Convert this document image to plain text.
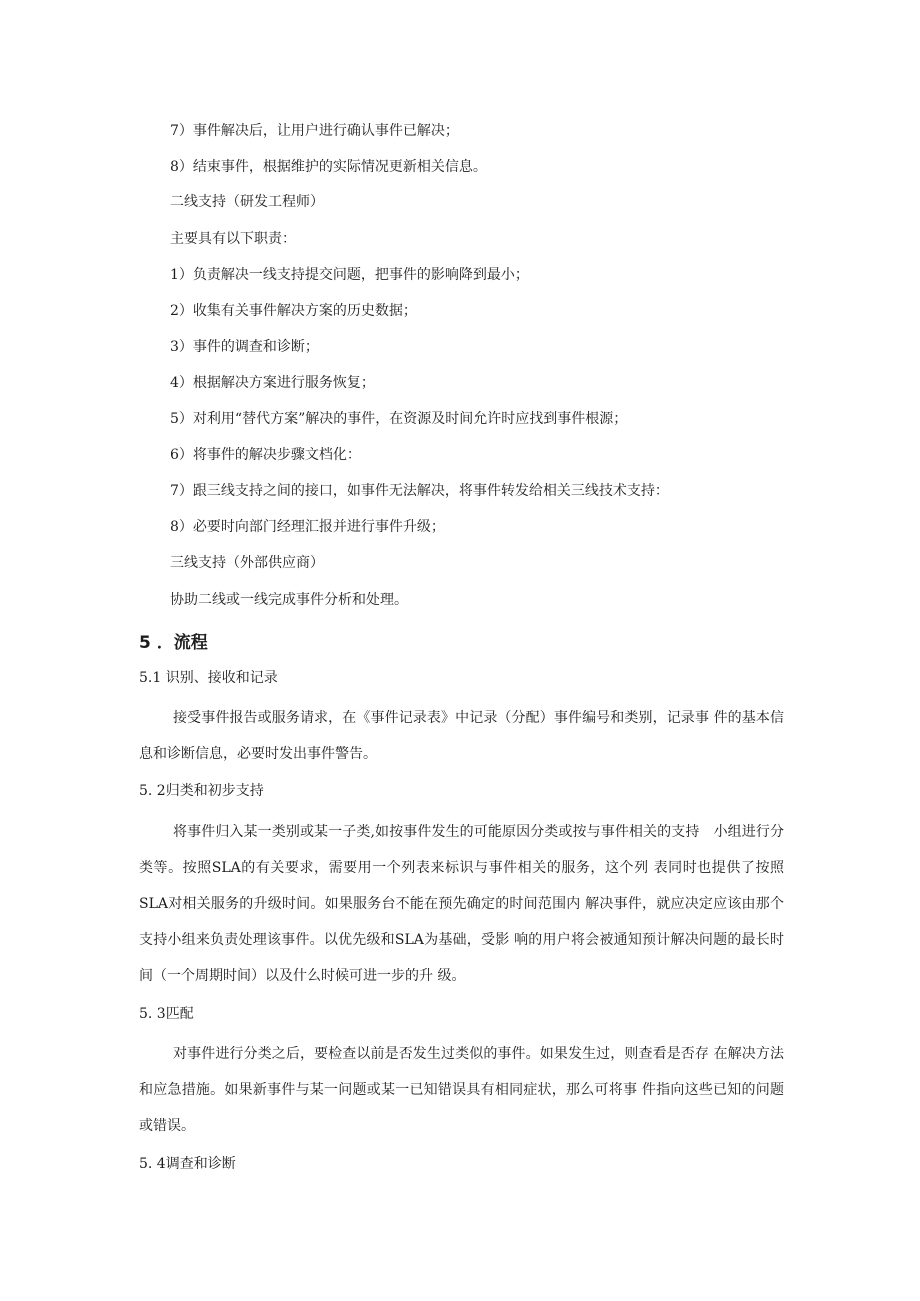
7）事件解决后，让用户进行确认事件已解决；
8）结束事件，根据维护的实际情况更新相关信息。
二线支持（研发工程师）
主要具有以下职责：
1）负责解决一线支持提交问题，把事件的影响降到最小；
2）收集有关事件解决方案的历史数据；
3）事件的调查和诊断；
4）根据解决方案进行服务恢复；
5）对利用“替代方案”解决的事件，在资源及时间允许时应找到事件根源；
6）将事件的解决步骤文档化：
7）跟三线支持之间的接口，如事件无法解决，将事件转发给相关三线技术支持：
8）必要时向部门经理汇报并进行事件升级；
三线支持（外部供应商）
协助二线或一线完成事件分析和处理。
5 ．流程
5.1 识别、接收和记录
接受事件报告或服务请求，在《事件记录表》中记录（分配）事件编号和类别，记录事 件的基本信息和诊断信息，必要时发出事件警告。
5. 2归类和初步支持
将事件归入某一类别或某一子类,如按事件发生的可能原因分类或按与事件相关的支持　小组进行分类等。按照SLA的有关要求，需要用一个列表来标识与事件相关的服务，这个列 表同时也提供了按照SLA对相关服务的升级时间。如果服务台不能在预先确定的时间范围内 解决事件，就应决定应该由那个支持小组来负责处理该事件。以优先级和SLA为基础，受影 响的用户将会被通知预计解决问题的最长时间（一个周期时间）以及什么时候可进一步的升 级。
5. 3匹配
对事件进行分类之后，要检查以前是否发生过类似的事件。如果发生过，则查看是否存 在解决方法和应急措施。如果新事件与某一问题或某一已知错误具有相同症状，那么可将事 件指向这些已知的问题或错误。
5. 4调查和诊断
